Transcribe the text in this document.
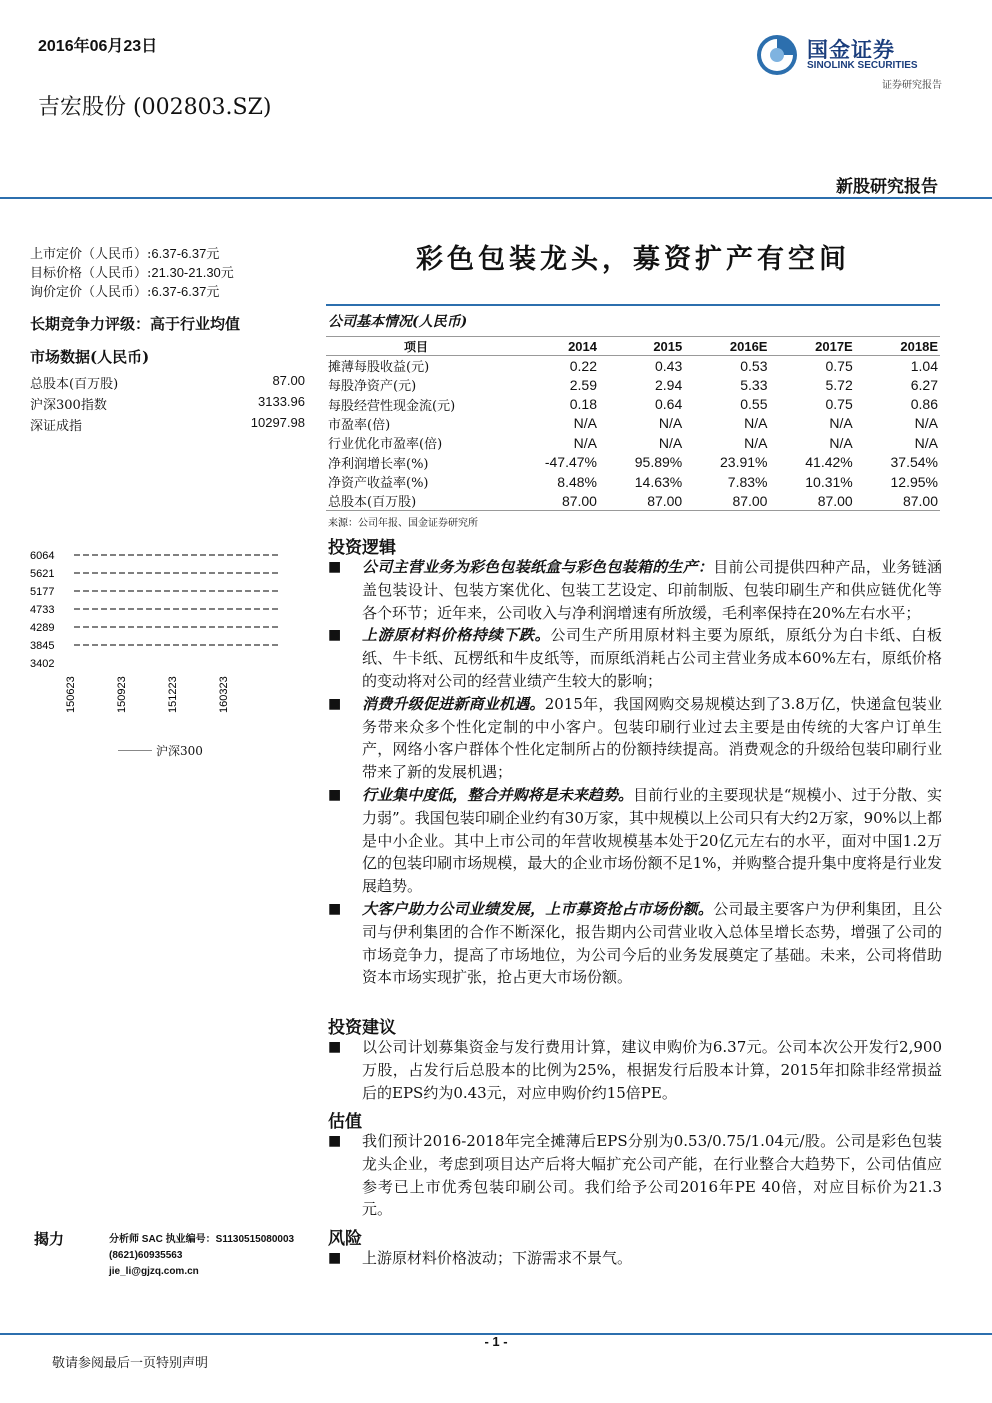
2016年06月23日
吉宏股份 (002803.SZ)
国金证券
SINOLINK SECURITIES
证券研究报告
新股研究报告
上市定价（人民币）:6.37-6.37元
目标价格（人民币）:21.30-21.30元
询价定价（人民币）:6.37-6.37元
长期竞争力评级：高于行业均值
市场数据(人民币)
总股本(百万股)	87.00
沪深300指数	3133.96
深证成指	10297.98
6064
5621
5177
4733
4289
3845
3402
150623	150923	151223	160323
沪深300
彩色包装龙头，募资扩产有空间
公司基本情况(人民币)
项目	2014	2015	2016E	2017E	2018E
摊薄每股收益(元)	0.22	0.43	0.53	0.75	1.04
每股净资产(元)	2.59	2.94	5.33	5.72	6.27
每股经营性现金流(元)	0.18	0.64	0.55	0.75	0.86
市盈率(倍)	N/A	N/A	N/A	N/A	N/A
行业优化市盈率(倍)	N/A	N/A	N/A	N/A	N/A
净利润增长率(%)	-47.47%	95.89%	23.91%	41.42%	37.54%
净资产收益率(%)	8.48%	14.63%	7.83%	10.31%	12.95%
总股本(百万股)	87.00	87.00	87.00	87.00	87.00
来源：公司年报、国金证券研究所
投资逻辑
■	公司主营业务为彩色包装纸盒与彩色包装箱的生产：目前公司提供四种产品，业务链涵盖包装设计、包装方案优化、包装工艺设定、印前制版、包装印刷生产和供应链优化等各个环节；近年来，公司收入与净利润增速有所放缓，毛利率保持在20%左右水平；
■	上游原材料价格持续下跌。公司生产所用原材料主要为原纸，原纸分为白卡纸、白板纸、牛卡纸、瓦楞纸和牛皮纸等，而原纸消耗占公司主营业务成本60%左右，原纸价格的变动将对公司的经营业绩产生较大的影响；
■	消费升级促进新商业机遇。2015年，我国网购交易规模达到了3.8万亿，快递盒包装业务带来众多个性化定制的中小客户。包装印刷行业过去主要是由传统的大客户订单生产，网络小客户群体个性化定制所占的份额持续提高。消费观念的升级给包装印刷行业带来了新的发展机遇；
■	行业集中度低，整合并购将是未来趋势。目前行业的主要现状是“规模小、过于分散、实力弱”。我国包装印刷企业约有30万家，其中规模以上公司只有大约2万家，90%以上都是中小企业。其中上市公司的年营收规模基本处于20亿元左右的水平，面对中国1.2万亿的包装印刷市场规模，最大的企业市场份额不足1%，并购整合提升集中度将是行业发展趋势。
■	大客户助力公司业绩发展，上市募资抢占市场份额。公司最主要客户为伊利集团，且公司与伊利集团的合作不断深化，报告期内公司营业收入总体呈增长态势，增强了公司的市场竞争力，提高了市场地位，为公司今后的业务发展奠定了基础。未来，公司将借助资本市场实现扩张，抢占更大市场份额。
投资建议
■	以公司计划募集资金与发行费用计算，建议申购价为6.37元。公司本次公开发行2,900万股，占发行后总股本的比例为25%，根据发行后股本计算，2015年扣除非经常损益后的EPS约为0.43元，对应申购价约15倍PE。
估值
■	我们预计2016-2018年完全摊薄后EPS分别为0.53/0.75/1.04元/股。公司是彩色包装龙头企业，考虑到项目达产后将大幅扩充公司产能，在行业整合大趋势下，公司估值应参考已上市优秀包装印刷公司。我们给予公司2016年PE 40倍，对应目标价为21.3元。
风险
■	上游原材料价格波动；下游需求不景气。
揭力	分析师 SAC 执业编号：S1130515080003
(8621)60935563
jie_li@gjzq.com.cn
- 1 -
敬请参阅最后一页特别声明
